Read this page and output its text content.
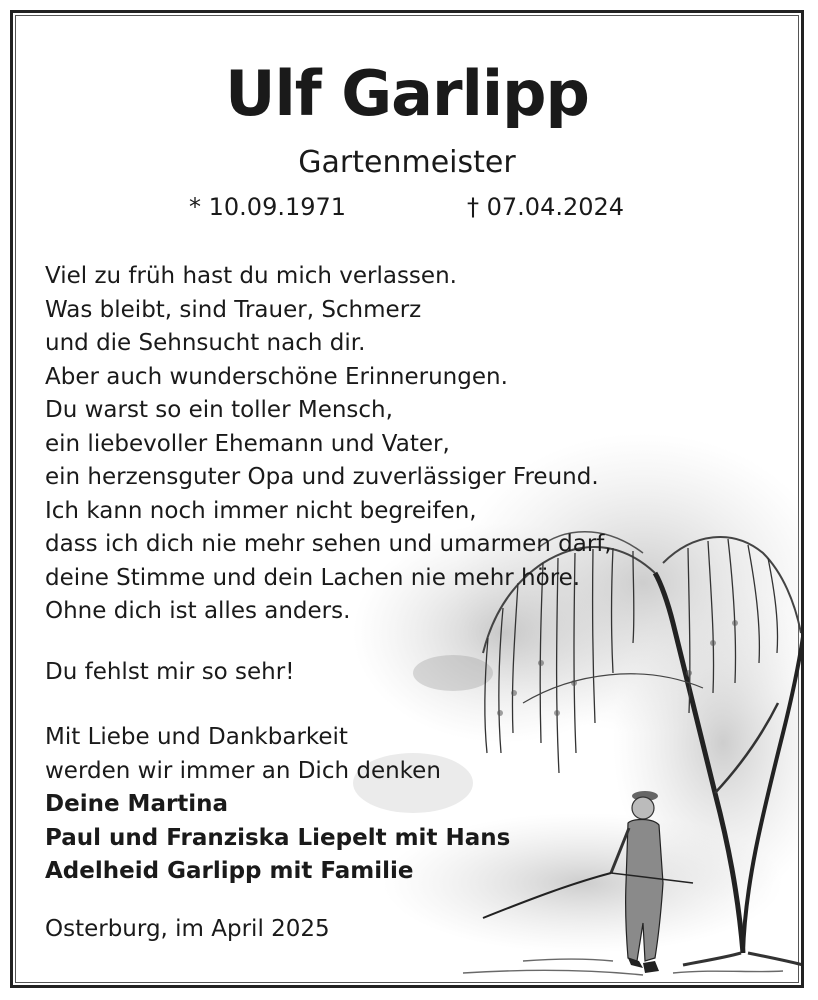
Ulf Garlipp
Gartenmeister
* 10.09.1971	† 07.04.2024
Viel zu früh hast du mich verlassen.
Was bleibt, sind Trauer, Schmerz
und die Sehnsucht nach dir.
Aber auch wunderschöne Erinnerungen.
Du warst so ein toller Mensch,
ein liebevoller Ehemann und Vater,
ein herzensguter Opa und zuverlässiger Freund.
Ich kann noch immer nicht begreifen,
dass ich dich nie mehr sehen und umarmen darf,
deine Stimme und dein Lachen nie mehr höre.
Ohne dich ist alles anders.
Du fehlst mir so sehr!
Mit Liebe und Dankbarkeit
werden wir immer an Dich denken
Deine Martina
Paul und Franziska Liepelt mit Hans
Adelheid Garlipp mit Familie
Osterburg, im April 2025
